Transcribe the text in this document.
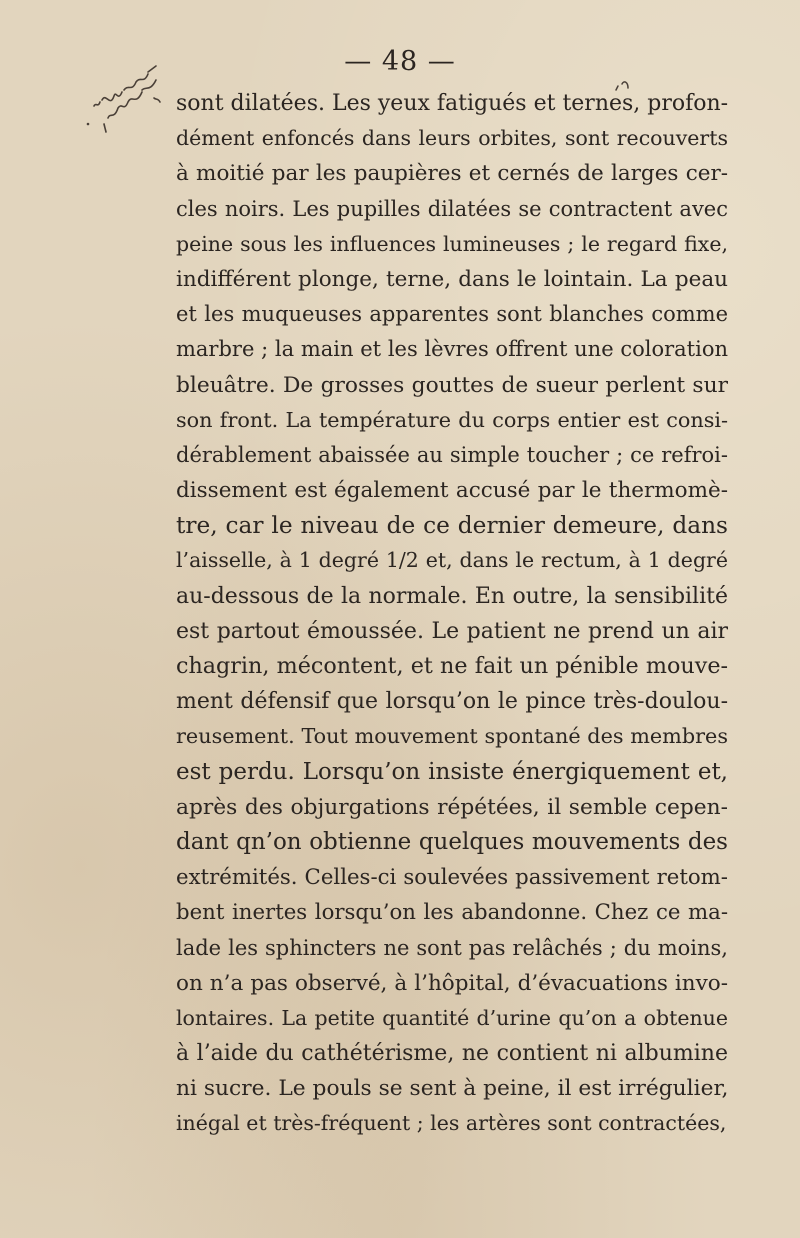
— 48 —
sont dilatées. Les yeux fatigués et ternes, profon-
dément enfoncés dans leurs orbites, sont recouverts
à moitié par les paupières et cernés de larges cer-
cles noirs. Les pupilles dilatées se contractent avec
peine sous les influences lumineuses ; le regard fixe,
indifférent plonge, terne, dans le lointain. La peau
et les muqueuses apparentes sont blanches comme
marbre ; la main et les lèvres offrent une coloration
bleuâtre. De grosses gouttes de sueur perlent sur
son front. La température du corps entier est consi-
dérablement abaissée au simple toucher ; ce refroi-
dissement est également accusé par le thermomè-
tre, car le niveau de ce dernier demeure, dans
l’aisselle, à 1 degré 1/2 et, dans le rectum, à 1 degré
au-dessous de la normale. En outre, la sensibilité
est partout émoussée. Le patient ne prend un air
chagrin, mécontent, et ne fait un pénible mouve-
ment défensif que lorsqu’on le pince très-doulou-
reusement. Tout mouvement spontané des membres
est perdu. Lorsqu’on insiste énergiquement et,
après des objurgations répétées, il semble cepen-
dant qn’on obtienne quelques mouvements des
extrémités. Celles-ci soulevées passivement retom-
bent inertes lorsqu’on les abandonne. Chez ce ma-
lade les sphincters ne sont pas relâchés ; du moins,
on n’a pas observé, à l’hôpital, d’évacuations invo-
lontaires. La petite quantité d’urine qu’on a obtenue
à l’aide du cathétérisme, ne contient ni albumine
ni sucre. Le pouls se sent à peine, il est irrégulier,
inégal et très-fréquent ; les artères sont contractées,
